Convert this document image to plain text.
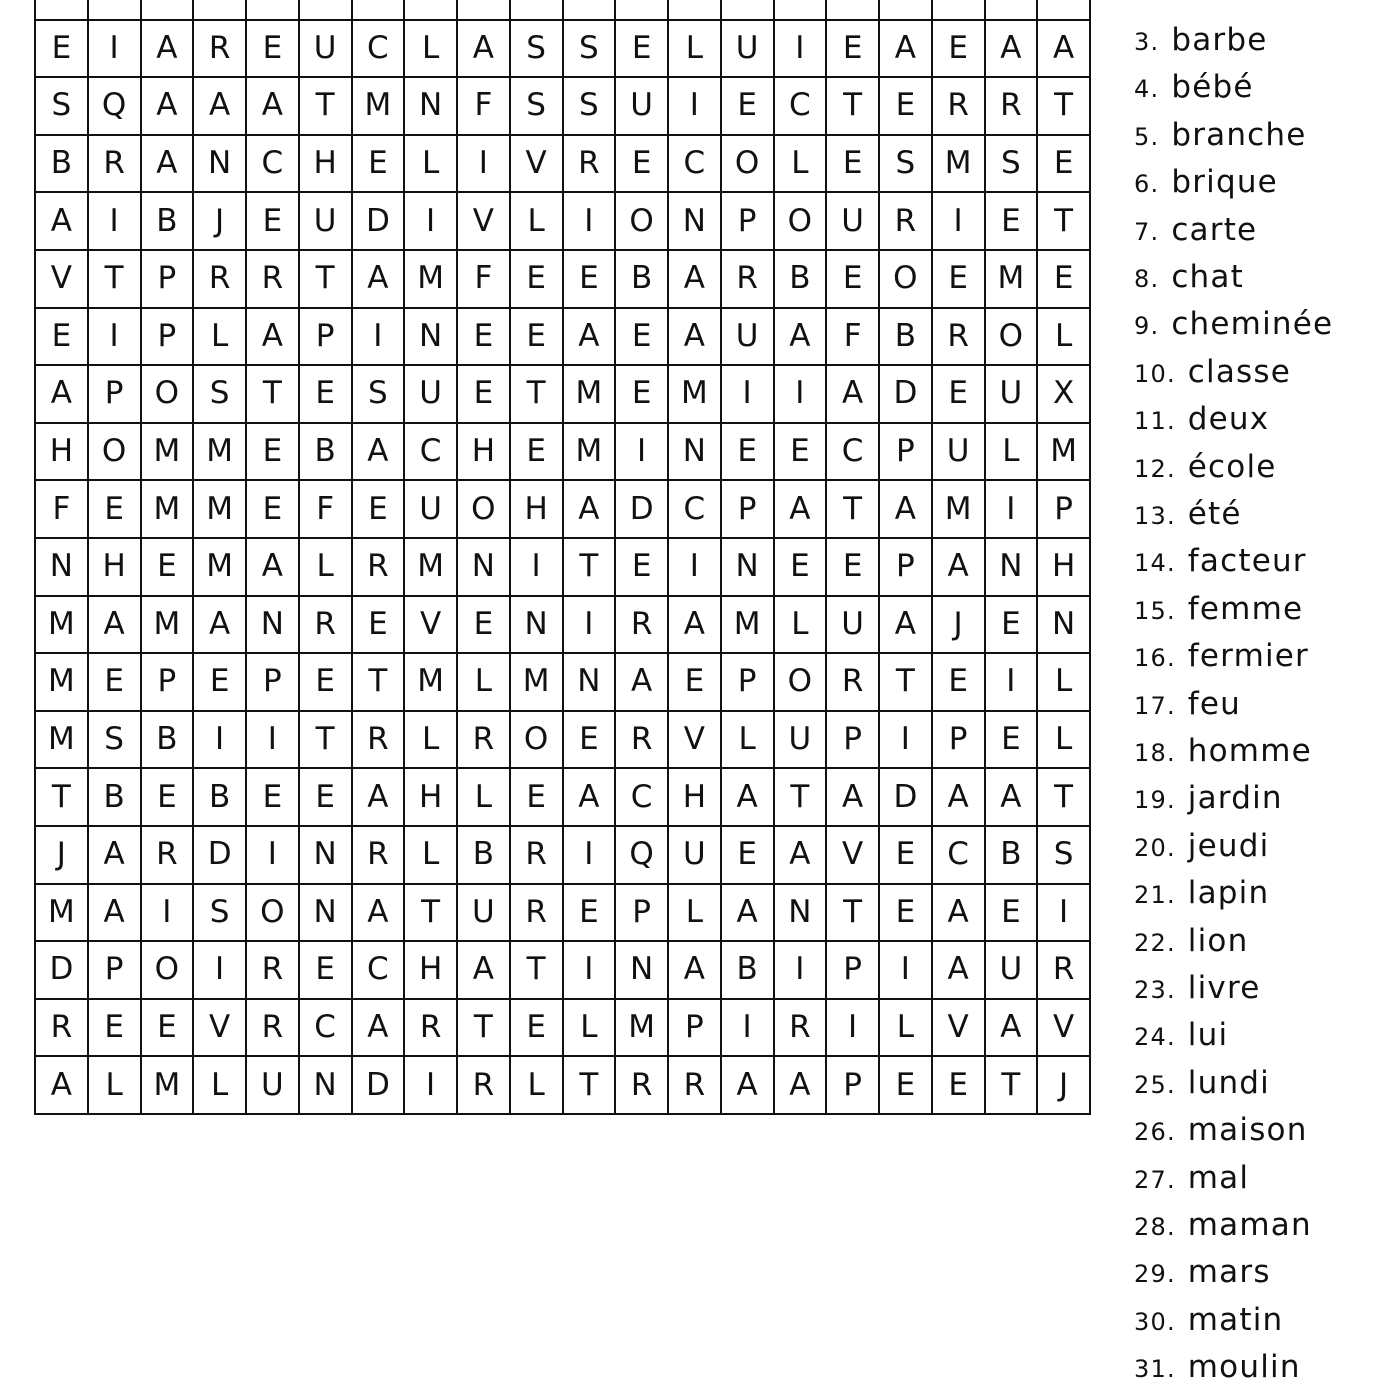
E	I	A	R	E	U C	L	A	S	S	E	L	U	I	E	A	E	A	A
S Q A	A	A	T M N	F	S	S	U	I	E	C	T	E	R	R	T
B	R	A N C H	E	L	I	V	R	E	C O	L	E	S M S	E
A	I	B	J	E	U D	I	V	L	I	O N	P	O U R	I	E	T
V	T	P	R	R	T	A M F	E	E	B	A	R	B	E O E M E
E	I	P	L	A	P	I	N	E	E	A	E	A U A	F	B	R O	L
A	P	O S	T	E	S	U	E	T M E M	I	I	A D	E	U X
H O M M E	B	A	C H	E M	I	N	E	E	C	P	U	L M
F	E M M E	F	E	U O H A D C	P	A	T	A M	I	P
N H	E M A	L	R M N	I	T	E	I	N	E	E	P	A N H
M A M A N R	E	V	E	N	I	R	A M L	U A	J	E	N
M E	P	E	P	E	T M L M N A	E	P	O R	T	E	I	L
M S	B	I	I	T	R	L	R O E	R	V	L	U	P	I	P	E	L
T	B	E	B	E	E	A H	L	E	A	C H A	T	A D A	A	T
J	A	R D	I	N R	L	B	R	I	Q U	E	A	V	E	C	B	S
M A	I	S O N A	T	U R	E	P	L	A N	T	E	A	E	I
D	P	O	I	R	E	C H A	T	I	N A	B	I	P	I	A U R
R	E	E	V	R	C	A	R	T	E	L M P	I	R	I	L	V	A	V
A	L M L	U N D	I	R	L	T	R	R	A	A	P	E	E	T	J
3. barbe
4. bébé
5. branche
6. brique
7. carte
8. chat
9. cheminée
10. classe
11. deux
12. école
13. été
14. facteur
15. femme
16. fermier
17. feu
18. homme
19. jardin
20. jeudi
21. lapin
22. lion
23. livre
24. lui
25. lundi
26. maison
27. mal
28. maman
29. mars
30. matin
31. moulin
